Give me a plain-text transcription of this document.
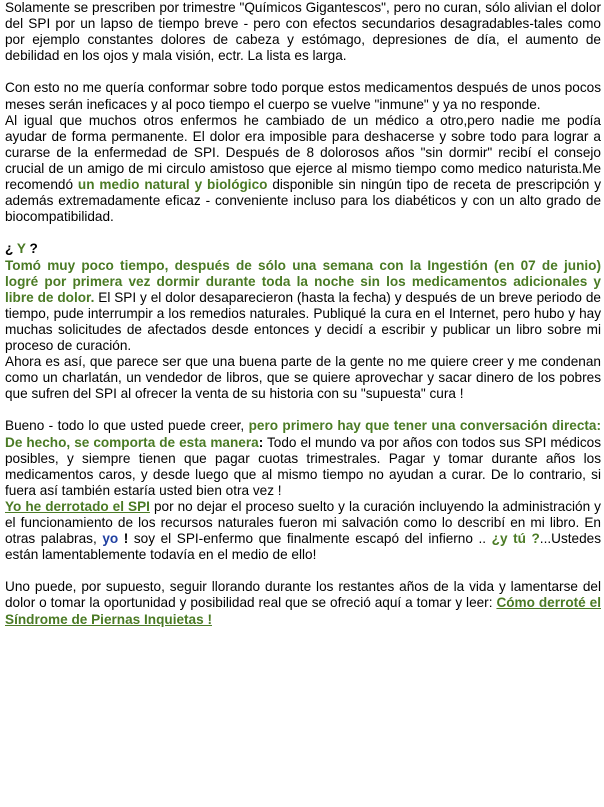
Solamente se prescriben por trimestre "Químicos Gigantescos", pero no curan, sólo alivian el dolor del SPI por un lapso de tiempo breve - pero con efectos secundarios desagradables-tales como por ejemplo constantes dolores de cabeza y estómago, depresiones de día, el aumento de debilidad en los ojos y mala visión, ectr. La lista es larga.

Con esto no me quería conformar sobre todo porque estos medicamentos después de unos pocos meses serán ineficaces y al poco tiempo el cuerpo se vuelve "inmune" y ya no responde.

Al igual que muchos otros enfermos he cambiado de un médico a otro,pero nadie me podía ayudar de forma permanente. El dolor era imposible para deshacerse y sobre todo para lograr a curarse de la enfermedad de SPI. Después de 8 dolorosos años "sin dormir" recibí el consejo crucial de un amigo de mi circulo amistoso que ejerce al mismo tiempo como medico naturista.Me recomendó un medio natural y biológico disponible sin ningún tipo de receta de prescripción y además extremadamente eficaz - conveniente incluso para los diabéticos y con un alto grado de biocompatibilidad.

¿ Y ?

Tomó muy poco tiempo, después de sólo una semana con la Ingestión (en 07 de junio) logré por primera vez dormir durante toda la noche sin los medicamentos adicionales y libre de dolor. El SPI y el dolor desaparecieron (hasta la fecha) y después de un breve periodo de tiempo, pude interrumpir a los remedios naturales. Publiqué la cura en el Internet, pero hubo y hay muchas solicitudes de afectados desde entonces y decidí a escribir y publicar un libro sobre mi proceso de curación.

Ahora es así, que parece ser que una buena parte de la gente no me quiere creer y me condenan como un charlatán, un vendedor de libros, que se quiere aprovechar y sacar dinero de los pobres que sufren del SPI al ofrecer la venta de su historia con su "supuesta" cura !

Bueno - todo lo que usted puede creer, pero primero hay que tener una conversación directa: De hecho, se comporta de esta manera: Todo el mundo va por años con todos sus SPI médicos posibles, y siempre tienen que pagar cuotas trimestrales. Pagar y tomar durante años los medicamentos caros, y desde luego que al mismo tiempo no ayudan a curar. De lo contrario, si fuera así también estaría usted bien otra vez !

Yo he derrotado el SPI por no dejar el proceso suelto y la curación incluyendo la administración y el funcionamiento de los recursos naturales fueron mi salvación como lo describí en mi libro. En otras palabras, yo ! soy el SPI-enfermo que finalmente escapó del infierno .. ¿y tú ?...Ustedes están lamentablemente todavía en el medio de ello!

Uno puede, por supuesto, seguir llorando durante los restantes años de la vida y lamentarse del dolor o tomar la oportunidad y posibilidad real que se ofreció aquí a tomar y leer: Cómo derroté el Síndrome de Piernas Inquietas !
